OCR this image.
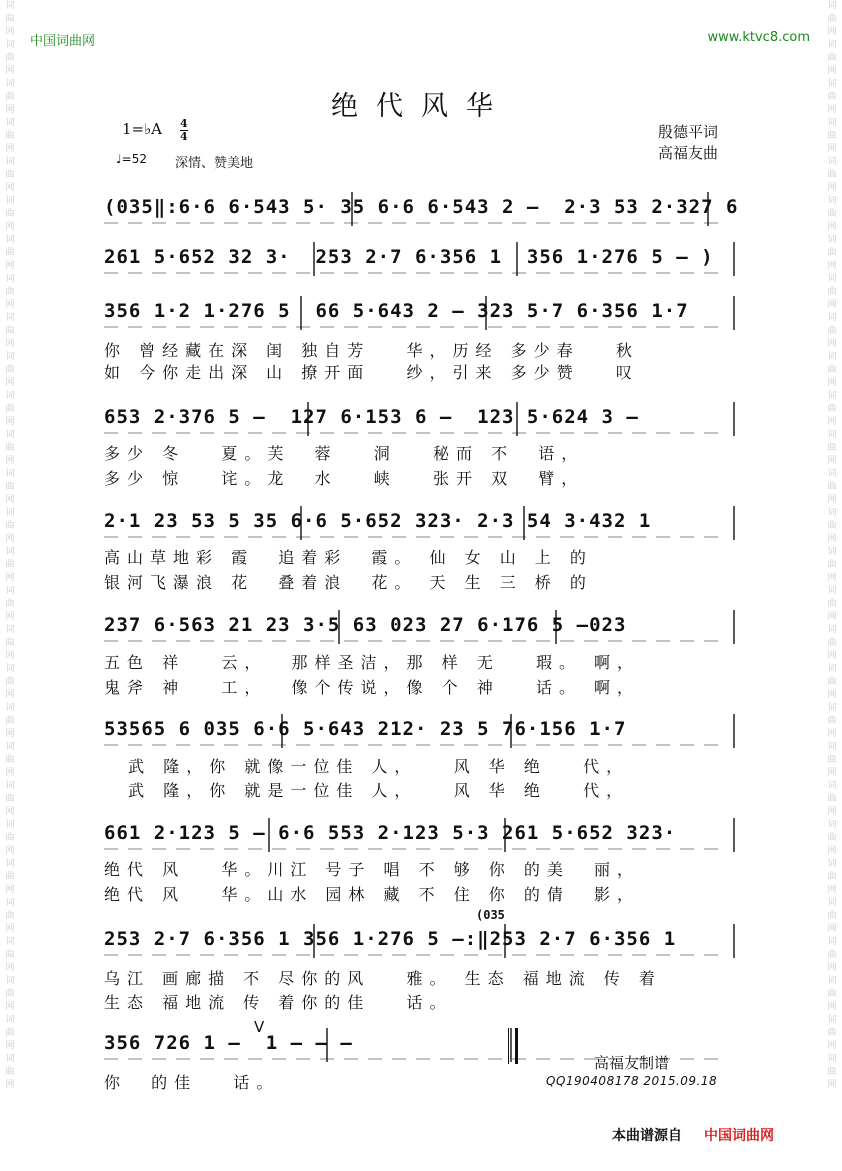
词曲网词曲网词曲网词曲网词曲网词曲网词曲网词曲网词曲网词曲网词曲网词曲网词曲网词曲网词曲网词曲网词曲网词曲网词曲网词曲网词曲网词曲网词曲网词曲网词曲网词曲网词曲网词曲网
词曲网词曲网词曲网词曲网词曲网词曲网词曲网词曲网词曲网词曲网词曲网词曲网词曲网词曲网词曲网词曲网词曲网词曲网词曲网词曲网词曲网词曲网词曲网词曲网词曲网词曲网词曲网词曲网
中国词曲网	www.ktvc8.com
绝代风华
1=♭A 4
4
♩=52 深情、赞美地
殷德平词
高福友曲
(035‖:6·6 6·543 5· 35 6·6 6·543 2 –  2·3 53 2·327 6
261 5·652 32 3·  253 2·7 6·356 1  356 1·276 5 – )
356 1·2 1·276 5  66 5·643 2 – 323 5·7 6·356 1·7
653 2·376 5 –  127 6·153 6 –  123 5·624 3 –
2·1 23 53 5 35 6·6 5·652 323· 2·3 54 3·432 1
237 6·563 21 23 3·5 63 023 27 6·176 5 –023
53565 6 035 6·6 5·643 212· 23 5 76·156 1·7
661 2·123 5 – 6·6 553 2·123 5·3 261 5·652 323·
253 2·7 6·356 1 356 1·276 5 –:‖253 2·7 6·356 1
356 726 1 –  1 – – –
你 曾经藏在深 闺 独自芳   华，历经 多少春   秋
如 今你走出深 山 撩开面   纱，引来 多少赞   叹
多少 冬   夏。芙  蓉   洞   秘而 不  语，
多少 惊   诧。龙  水   峡   张开 双  臂，
高山草地彩 霞  追着彩  霞。 仙 女 山 上 的
银河飞瀑浪 花  叠着浪  花。 天 生 三 桥 的
五色 祥   云，  那样圣洁，那 样 无   瑕。 啊，
鬼斧 神   工，  像个传说，像 个 神   话。 啊，
武 隆，你 就像一位佳 人，   风 华 绝   代，
武 隆，你 就是一位佳 人，   风 华 绝   代，
绝代 风   华。川江 号子 唱 不 够 你 的美  丽，
绝代 风   华。山水 园林 藏 不 住 你 的倩  影，
乌江 画廊描 不 尽你的风   雅。 生态 福地流 传 着
生态 福地流 传 着你的佳   话。
你  的佳   话。
(035
V
高福友制谱
QQ190408178 2015.09.18
本曲谱源自 中国词曲网
